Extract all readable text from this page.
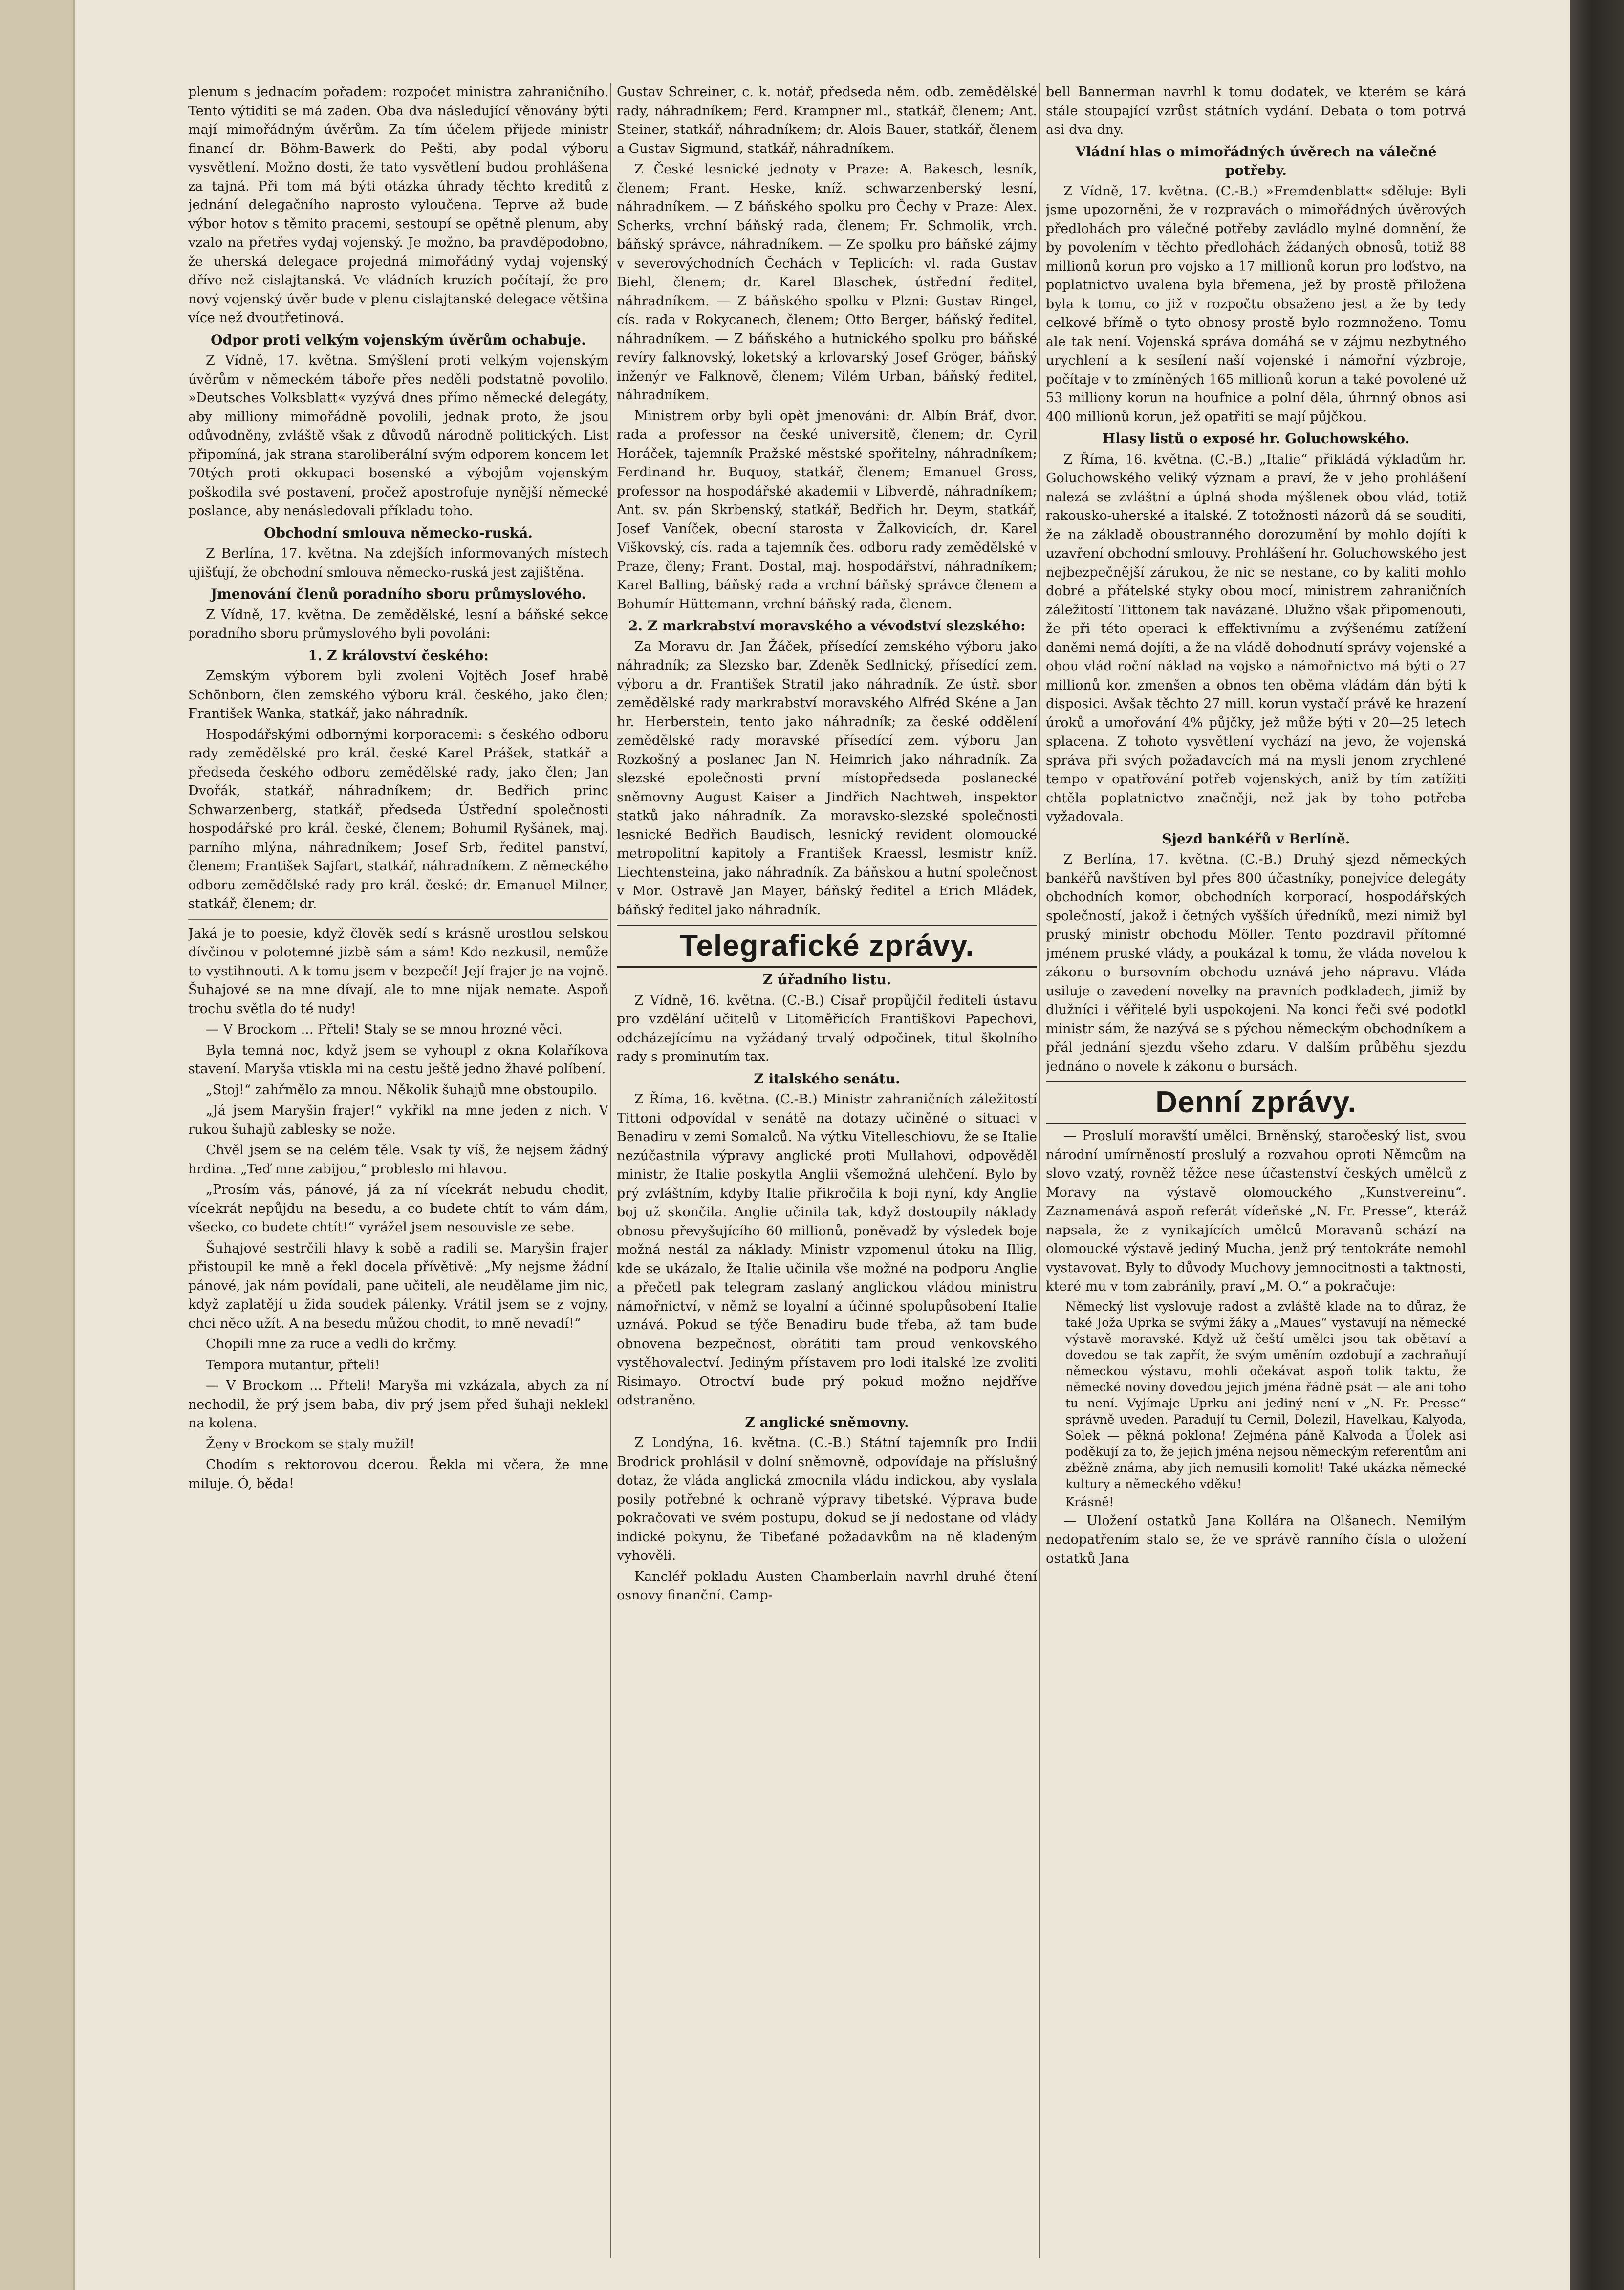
plenum s jednacím pořadem: rozpočet ministra zahraničního. Tento výtiditi se má zaden. Oba dva následující věnovány býti mají mimořádným úvěrům. Za tím účelem přijede ministr financí dr. Böhm-Bawerk do Pešti, aby podal výboru vysvětlení. Možno dosti, že tato vysvětlení budou prohlášena za tajná. Při tom má býti otázka úhrady těchto kreditů z jednání delegačního naprosto vyloučena. Teprve až bude výbor hotov s těmito pracemi, sestoupí se opětně plenum, aby vzalo na přetřes vydaj vojenský. Je možno, ba pravděpodobno, že uherská delegace projedná mimořádný vydaj vojenský dříve než cislajtanská. Ve vládních kruzích počítají, že pro nový vojenský úvěr bude v plenu cislajtanské delegace většina více než dvoutřetinová.

Odpor proti velkým vojenským úvěrům ochabuje.

Z Vídně, 17. května. Smýšlení proti velkým vojenským úvěrům v německém táboře přes neděli podstatně povolilo. »Deutsches Volksblatt« vyzývá dnes přímo německé delegáty, aby milliony mimořádně povolili, jednak proto, že jsou odůvodněny, zvláště však z důvodů národně politických. List připomíná, jak strana staroliberální svým odporem koncem let 70tých proti okkupaci bosenské a výbojům vojenským poškodila své postavení, pročež apostrofuje nynější německé poslance, aby nenásledovali příkladu toho.

Obchodní smlouva německo-ruská.

Z Berlína, 17. května. Na zdejších informovaných místech ujišťují, že obchodní smlouva německo-ruská jest zajištěna.

Jmenování členů poradního sboru průmyslového.

Z Vídně, 17. května. De zemědělské, lesní a báňské sekce poradního sboru průmyslového byli povoláni:

1. Z království českého:

Zemským výborem byli zvoleni Vojtěch Josef hrabě Schönborn, člen zemského výboru král. českého, jako člen; František Wanka, statkář, jako náhradník.

Hospodářskými odbornými korporacemi: s českého odboru rady zemědělské pro král. české Karel Prášek, statkář a předseda českého odboru zemědělské rady, jako člen; Jan Dvořák, statkář, náhradníkem; dr. Bedřich princ Schwarzenberg, statkář, předseda Ústřední společnosti hospodářské pro král. české, členem; Bohumil Ryšánek, maj. parního mlýna, náhradníkem; Josef Srb, ředitel panství, členem; František Sajfart, statkář, náhradníkem. Z německého odboru zemědělské rady pro král. české: dr. Emanuel Milner, statkář, členem; dr.

Jaká je to poesie, když člověk sedí s krásně urostlou selskou dívčinou v polotemné jizbě sám a sám! Kdo nezkusil, nemůže to vystihnouti. A k tomu jsem v bezpečí! Její frajer je na vojně. Šuhajové se na mne dívají, ale to mne nijak nemate. Aspoň trochu světla do té nudy!

— V Brockom ... Přteli! Staly se se mnou hrozné věci.

Byla temná noc, když jsem se vyhoupl z okna Kolaříkova stavení. Maryša vtiskla mi na cestu ještě jedno žhavé políbení.

„Stoj!“ zahřmělo za mnou. Několik šuhajů mne obstoupilo.

„Já jsem Maryšin frajer!“ vykřikl na mne jeden z nich. V rukou šuhajů zablesky se nože.

Chvěl jsem se na celém těle. Vsak ty víš, že nejsem žádný hrdina. „Teď mne zabijou,“ probleslo mi hlavou.

„Prosím vás, pánové, já za ní vícekrát nebudu chodit, vícekrát nepůjdu na besedu, a co budete chtít to vám dám, všecko, co budete chtít!“ vyrážel jsem nesouvisle ze sebe.

Šuhajové sestrčili hlavy k sobě a radili se. Maryšin frajer přistoupil ke mně a řekl docela přívětivě: „My nejsme žádní pánové, jak nám povídali, pane učiteli, ale neudělame jim nic, když zaplatějí u žida soudek pálenky. Vrátil jsem se z vojny, chci něco užít. A na besedu můžou chodit, to mně nevadí!“

Chopili mne za ruce a vedli do krčmy.

Tempora mutantur, přteli!

— V Brockom ... Přteli! Maryša mi vzkázala, abych za ní nechodil, že prý jsem baba, div prý jsem před šuhaji neklekl na kolena.

Ženy v Brockom se staly mužil!

Chodím s rektorovou dcerou. Řekla mi včera, že mne miluje. Ó, běda!

Gustav Schreiner, c. k. notář, předseda něm. odb. zemědělské rady, náhradníkem; Ferd. Krampner ml., statkář, členem; Ant. Steiner, statkář, náhradníkem; dr. Alois Bauer, statkář, členem a Gustav Sigmund, statkář, náhradníkem.

Z České lesnické jednoty v Praze: A. Bakesch, lesník, členem; Frant. Heske, kníž. schwarzenberský lesní, náhradníkem. — Z báňského spolku pro Čechy v Praze: Alex. Scherks, vrchní báňský rada, členem; Fr. Schmolik, vrch. báňský správce, náhradníkem. — Ze spolku pro báňské zájmy v severovýchodních Čechách v Teplicích: vl. rada Gustav Biehl, členem; dr. Karel Blaschek, ústřední ředitel, náhradníkem. — Z báňského spolku v Plzni: Gustav Ringel, cís. rada v Rokycanech, členem; Otto Berger, báňský ředitel, náhradníkem. — Z báňského a hutnického spolku pro báňské revíry falknovský, loketský a krlovarský Josef Gröger, báňský inženýr ve Falknově, členem; Vilém Urban, báňský ředitel, náhradníkem.

Ministrem orby byli opět jmenováni: dr. Albín Bráf, dvor. rada a professor na české universitě, členem; dr. Cyril Horáček, tajemník Pražské městské spořitelny, náhradníkem; Ferdinand hr. Buquoy, statkář, členem; Emanuel Gross, professor na hospodářské akademii v Libverdě, náhradníkem; Ant. sv. pán Skrbenský, statkář, Bedřich hr. Deym, statkář, Josef Vaníček, obecní starosta v Žalkovicích, dr. Karel Viškovský, cís. rada a tajemník čes. odboru rady zemědělské v Praze, členy; Frant. Dostal, maj. hospodářství, náhradníkem; Karel Balling, báňský rada a vrchní báňský správce členem a Bohumír Hüttemann, vrchní báňský rada, členem.

2. Z markrabství moravského a vévodství slezského:

Za Moravu dr. Jan Žáček, přísedící zemského výboru jako náhradník; za Slezsko bar. Zdeněk Sedlnický, přísedící zem. výboru a dr. František Stratil jako náhradník. Ze ústř. sbor zemědělské rady markrabství moravského Alfréd Skéne a Jan hr. Herberstein, tento jako náhradník; za české oddělení zemědělské rady moravské přísedící zem. výboru Jan Rozkošný a poslanec Jan N. Heimrich jako náhradník. Za slezské epolečnosti první místopředseda poslanecké sněmovny August Kaiser a Jindřich Nachtweh, inspektor statků jako náhradník. Za moravsko-slezské společnosti lesnické Bedřich Baudisch, lesnický revident olomoucké metropolitní kapitoly a František Kraessl, lesmistr kníž. Liechtensteina, jako náhradník. Za báňskou a hutní společnost v Mor. Ostravě Jan Mayer, báňský ředitel a Erich Mládek, báňský ředitel jako náhradník.

Telegrafické zprávy.
Z úřadního listu.

Z Vídně, 16. května. (C.-B.) Císař propůjčil řediteli ústavu pro vzdělání učitelů v Litoměřicích Františkovi Papechovi, odcházejícímu na vyžádaný trvalý odpočinek, titul školního rady s prominutím tax.

Z italského senátu.

Z Říma, 16. května. (C.-B.) Ministr zahraničních záležitostí Tittoni odpovídal v senátě na dotazy učiněné o situaci v Benadiru v zemi Somalců. Na výtku Vitelleschiovu, že se Italie nezúčastnila výpravy anglické proti Mullahovi, odpověděl ministr, že Italie poskytla Anglii všemožná ulehčení. Bylo by prý zvláštním, kdyby Italie přikročila k boji nyní, kdy Anglie boj už skončila. Anglie učinila tak, když dostoupily náklady obnosu převyšujícího 60 millionů, poněvadž by výsledek boje možná nestál za náklady. Ministr vzpomenul útoku na Illig, kde se ukázalo, že Italie učinila vše možné na podporu Anglie a přečetl pak telegram zaslaný anglickou vládou ministru námořnictví, v němž se loyalní a účinné spolupůsobení Italie uznává. Pokud se týče Benadiru bude třeba, až tam bude obnovena bezpečnost, obrátiti tam proud venkovského vystěhovalectví. Jediným přístavem pro lodi italské lze zvoliti Risimayo. Otroctví bude prý pokud možno nejdříve odstraněno.

Z anglické sněmovny.

Z Londýna, 16. května. (C.-B.) Státní tajemník pro Indii Brodrick prohlásil v dolní sněmovně, odpovídaje na příslušný dotaz, že vláda anglická zmocnila vládu indickou, aby vyslala posily potřebné k ochraně výpravy tibetské. Výprava bude pokračovati ve svém postupu, dokud se jí nedostane od vlády indické pokynu, že Tibeťané požadavkům na ně kladeným vyhověli.

Kancléř pokladu Austen Chamberlain navrhl druhé čtení osnovy finanční. Camp-

bell Bannerman navrhl k tomu dodatek, ve kterém se kárá stále stoupající vzrůst státních vydání. Debata o tom potrvá asi dva dny.

Vládní hlas o mimořádných úvěrech na válečné potřeby.

Z Vídně, 17. května. (C.-B.) »Fremdenblatt« sděluje: Byli jsme upozorněni, že v rozpravách o mimořádných úvěrových předlohách pro válečné potřeby zavládlo mylné domnění, že by povolením v těchto předlohách žádaných obnosů, totiž 88 millionů korun pro vojsko a 17 millionů korun pro loďstvo, na poplatnictvo uvalena byla břemena, jež by prostě přiložena byla k tomu, co již v rozpočtu obsaženo jest a že by tedy celkové břímě o tyto obnosy prostě bylo rozmnoženo. Tomu ale tak není. Vojenská správa domáhá se v zájmu nezbytného urychlení a k sesílení naší vojenské i námořní výzbroje, počítaje v to zmíněných 165 millionů korun a také povolené už 53 milliony korun na houfnice a polní děla, úhrnný obnos asi 400 millionů korun, jež opatřiti se mají půjčkou.

Hlasy listů o exposé hr. Goluchowského.

Z Říma, 16. května. (C.-B.) „Italie“ přikládá výkladům hr. Goluchowského veliký význam a praví, že v jeho prohlášení nalezá se zvláštní a úplná shoda mýšlenek obou vlád, totiž rakousko-uherské a italské. Z totožnosti názorů dá se souditi, že na základě oboustranného dorozumění by mohlo dojíti k uzavření obchodní smlouvy. Prohlášení hr. Goluchowského jest nejbezpečnější zárukou, že nic se nestane, co by kaliti mohlo dobré a přátelské styky obou mocí, ministrem zahraničních záležitostí Tittonem tak navázané. Dlužno však připomenouti, že při této operaci k effektivnímu a zvýšenému zatížení daněmi nemá dojíti, a že na vládě dohodnutí správy vojenské a obou vlád roční náklad na vojsko a námořnictvo má býti o 27 millionů kor. zmenšen a obnos ten oběma vládám dán býti k disposici. Avšak těchto 27 mill. korun vystačí právě ke hrazení úroků a umořování 4% půjčky, jež může býti v 20—25 letech splacena. Z tohoto vysvětlení vychází na jevo, že vojenská správa při svých požadavcích má na mysli jenom zrychlené tempo v opatřování potřeb vojenských, aniž by tím zatížiti chtěla poplatnictvo značněji, než jak by toho potřeba vyžadovala.

Sjezd bankéřů v Berlíně.

Z Berlína, 17. května. (C.-B.) Druhý sjezd německých bankéřů navštíven byl přes 800 účastníky, ponejvíce delegáty obchodních komor, obchodních korporací, hospodářských společností, jakož i četných vyšších úředníků, mezi nimiž byl pruský ministr obchodu Möller. Tento pozdravil přítomné jménem pruské vlády, a poukázal k tomu, že vláda novelou k zákonu o bursovním obchodu uznává jeho nápravu. Vláda usiluje o zavedení novelky na pravních podkladech, jimiž by dlužníci i věřitelé byli uspokojeni. Na konci řeči své podotkl ministr sám, že nazývá se s pýchou německým obchodníkem a přál jednání sjezdu všeho zdaru. V dalším průběhu sjezdu jednáno o novele k zákonu o bursách.

Denní zprávy.

— Proslulí moravští umělci. Brněnský, staročeský list, svou národní umírněností proslulý a rozvahou oproti Němcům na slovo vzatý, rovněž těžce nese účastenství českých umělců z Moravy na výstavě olomouckého „Kunstvereinu“. Zaznamenává aspoň referát vídeňské „N. Fr. Presse“, kteráž napsala, že z vynikajících umělců Moravanů schází na olomoucké výstavě jediný Mucha, jenž prý tentokráte nemohl vystavovat. Byly to důvody Muchovy jemnocitnosti a taktnosti, které mu v tom zabránily, praví „M. O.“ a pokračuje:

Německý list vyslovuje radost a zvláště klade na to důraz, že také Joža Uprka se svými žáky a „Maues“ vystavují na německé výstavě moravské. Když už čeští umělci jsou tak obětaví a dovedou se tak zapřít, že svým uměním ozdobují a zachraňují německou výstavu, mohli očekávat aspoň tolik taktu, že německé noviny dovedou jejich jména řádně psát — ale ani toho tu není. Vyjímaje Uprku ani jediný není v „N. Fr. Presse“ správně uveden. Paradují tu Cernil, Dolezil, Havelkau, Kalyoda, Solek — pěkná poklona! Zejména páně Kalvoda a Úolek asi poděkují za to, že jejich jména nejsou německým referentům ani zběžně známa, aby jich nemusili komolit! Také ukázka německé kultury a německého vděku!

Krásně!

— Uložení ostatků Jana Kollára na Olšanech. Nemilým nedopatřením stalo se, že ve správě ranního čísla o uložení ostatků Jana
